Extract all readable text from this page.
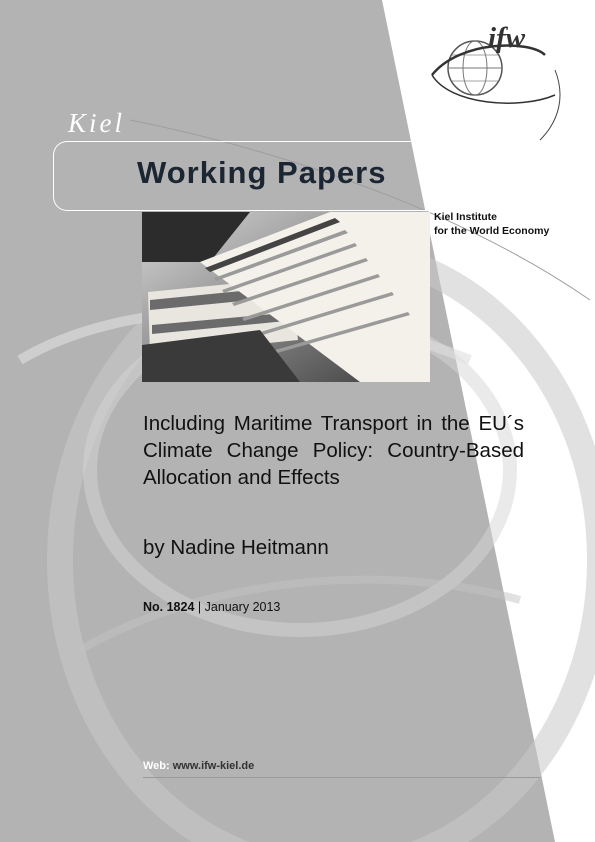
ifw
Kiel
Working Papers
Kiel Institute
for the World Economy
Including Maritime Transport in the EU´s Climate Change Policy: Country-Based Allocation and Effects
by Nadine Heitmann
No. 1824 | January 2013
Web: www.ifw-kiel.de
